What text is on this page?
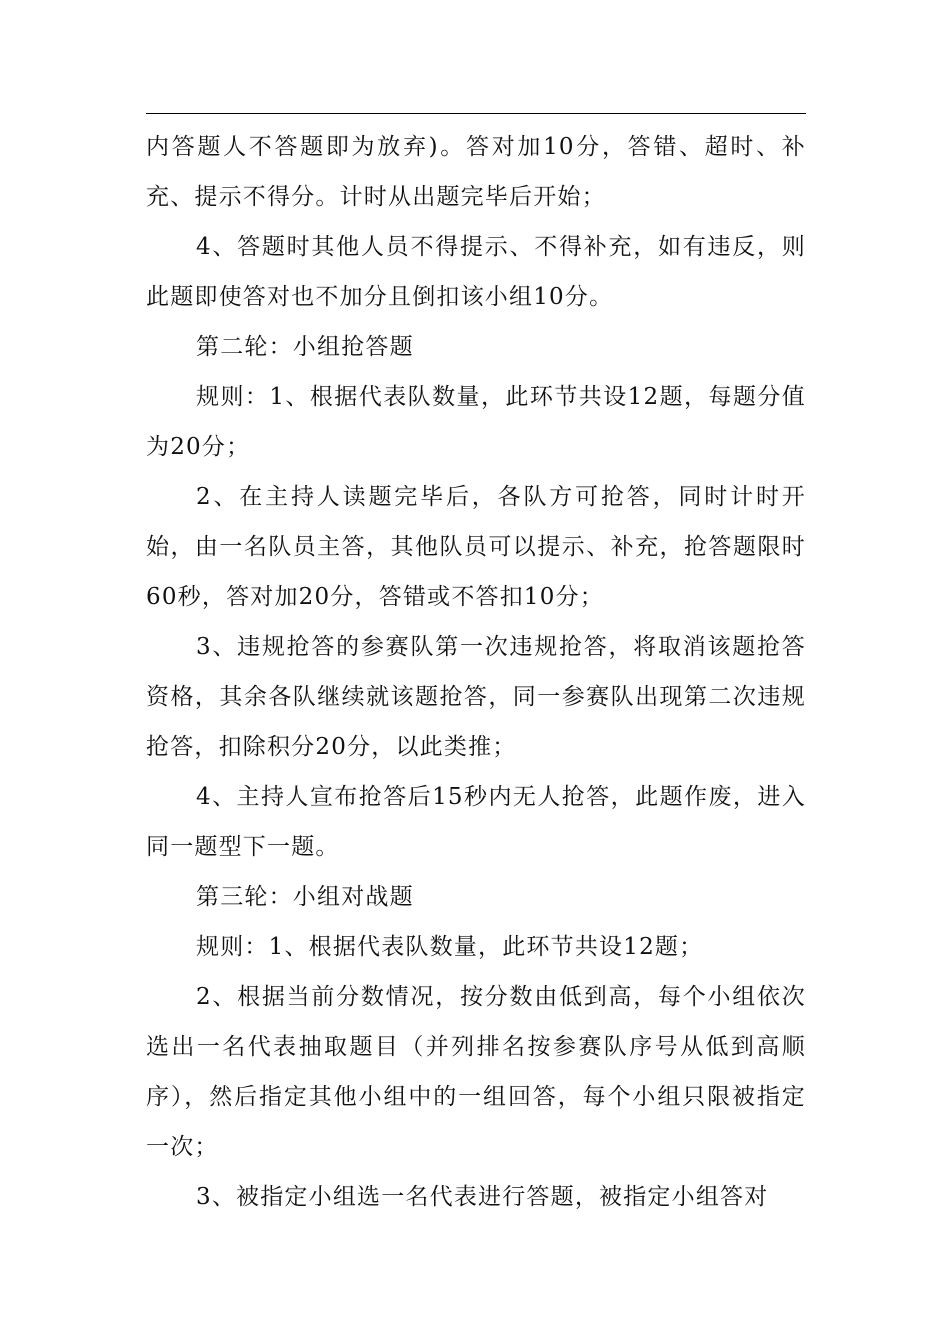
内答题人不答题即为放弃)。答对加10分，答错、超时、补充、提示不得分。计时从出题完毕后开始；

4、答题时其他人员不得提示、不得补充，如有违反，则此题即使答对也不加分且倒扣该小组10分。

第二轮：小组抢答题

规则：1、根据代表队数量，此环节共设12题，每题分值为20分；

2、在主持人读题完毕后，各队方可抢答，同时计时开始，由一名队员主答，其他队员可以提示、补充，抢答题限时60秒，答对加20分，答错或不答扣10分；

3、违规抢答的参赛队第一次违规抢答，将取消该题抢答资格，其余各队继续就该题抢答，同一参赛队出现第二次违规抢答，扣除积分20分，以此类推；

4、主持人宣布抢答后15秒内无人抢答，此题作废，进入同一题型下一题。

第三轮：小组对战题

规则：1、根据代表队数量，此环节共设12题；

2、根据当前分数情况，按分数由低到高，每个小组依次选出一名代表抽取题目（并列排名按参赛队序号从低到高顺序），然后指定其他小组中的一组回答，每个小组只限被指定一次；

3、被指定小组选一名代表进行答题，被指定小组答对
